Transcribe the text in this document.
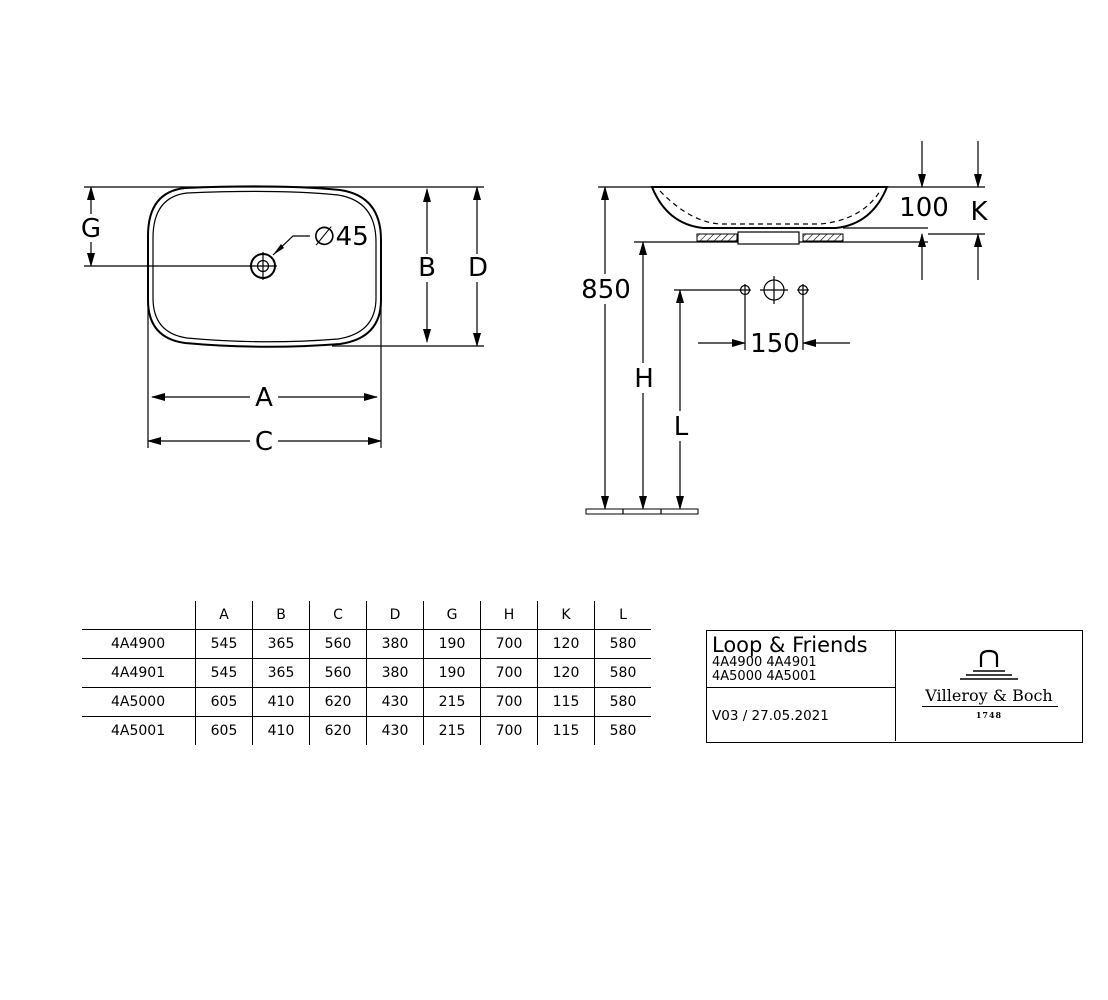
G
B D
A
C
∅45
100 K
850
H
L
150
	A	B	C	D	G	H	K	L
4A4900	545	365	560	380	190	700	120	580
4A4901	545	365	560	380	190	700	120	580
4A5000	605	410	620	430	215	700	115	580
4A5001	605	410	620	430	215	700	115	580
Loop & Friends
4A4900 4A4901
4A5000 4A5001
V03 / 27.05.2021
Villeroy & Boch
1748
